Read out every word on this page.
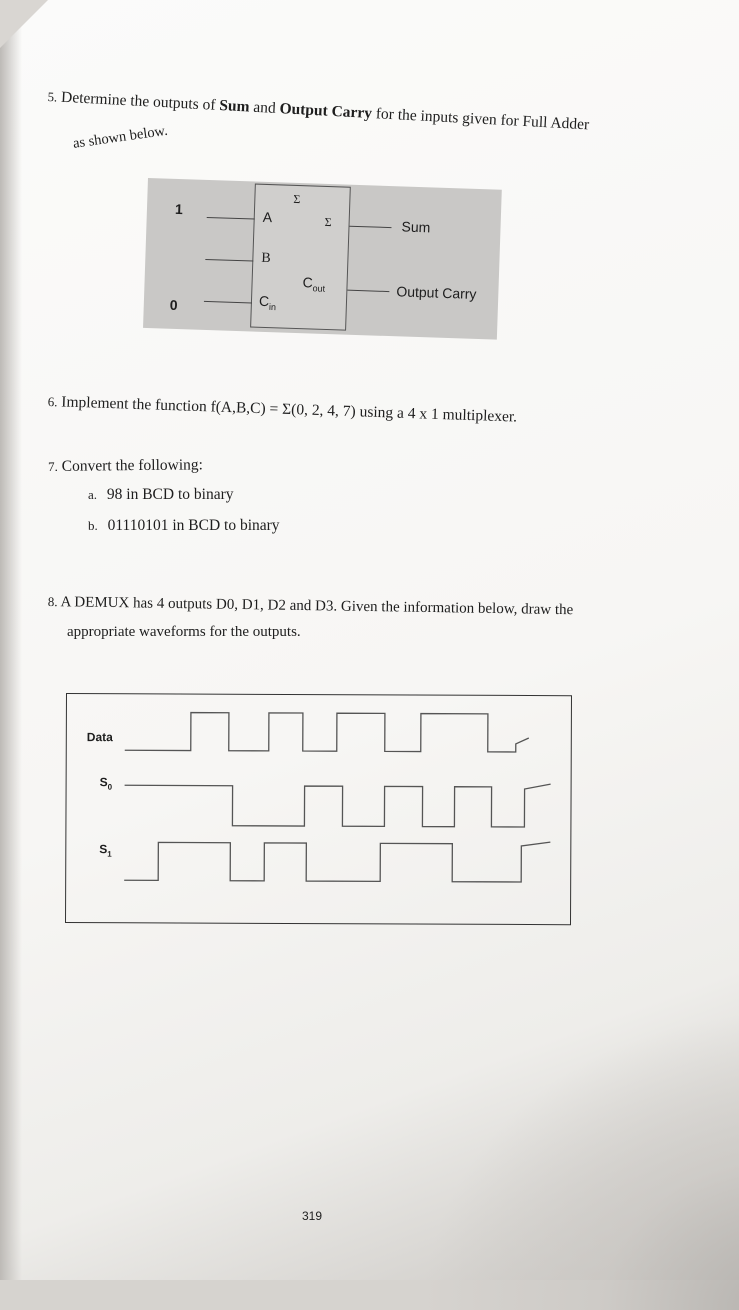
5. Determine the outputs of Sum and Output Carry for the inputs given for Full Adder
as shown below.
Σ
A	Σ
B
$C_{out}$
$C_{in}$
1
0
Sum
Output Carry
6. Implement the function f(A,B,C) = Σ(0, 2, 4, 7) using a 4 x 1 multiplexer.
7. Convert the following:
a. 98 in BCD to binary
b. 01110101 in BCD to binary
8. A DEMUX has 4 outputs D0, D1, D2 and D3. Given the information below, draw the
appropriate waveforms for the outputs.
Data
$S_0$
$S_1$
319
